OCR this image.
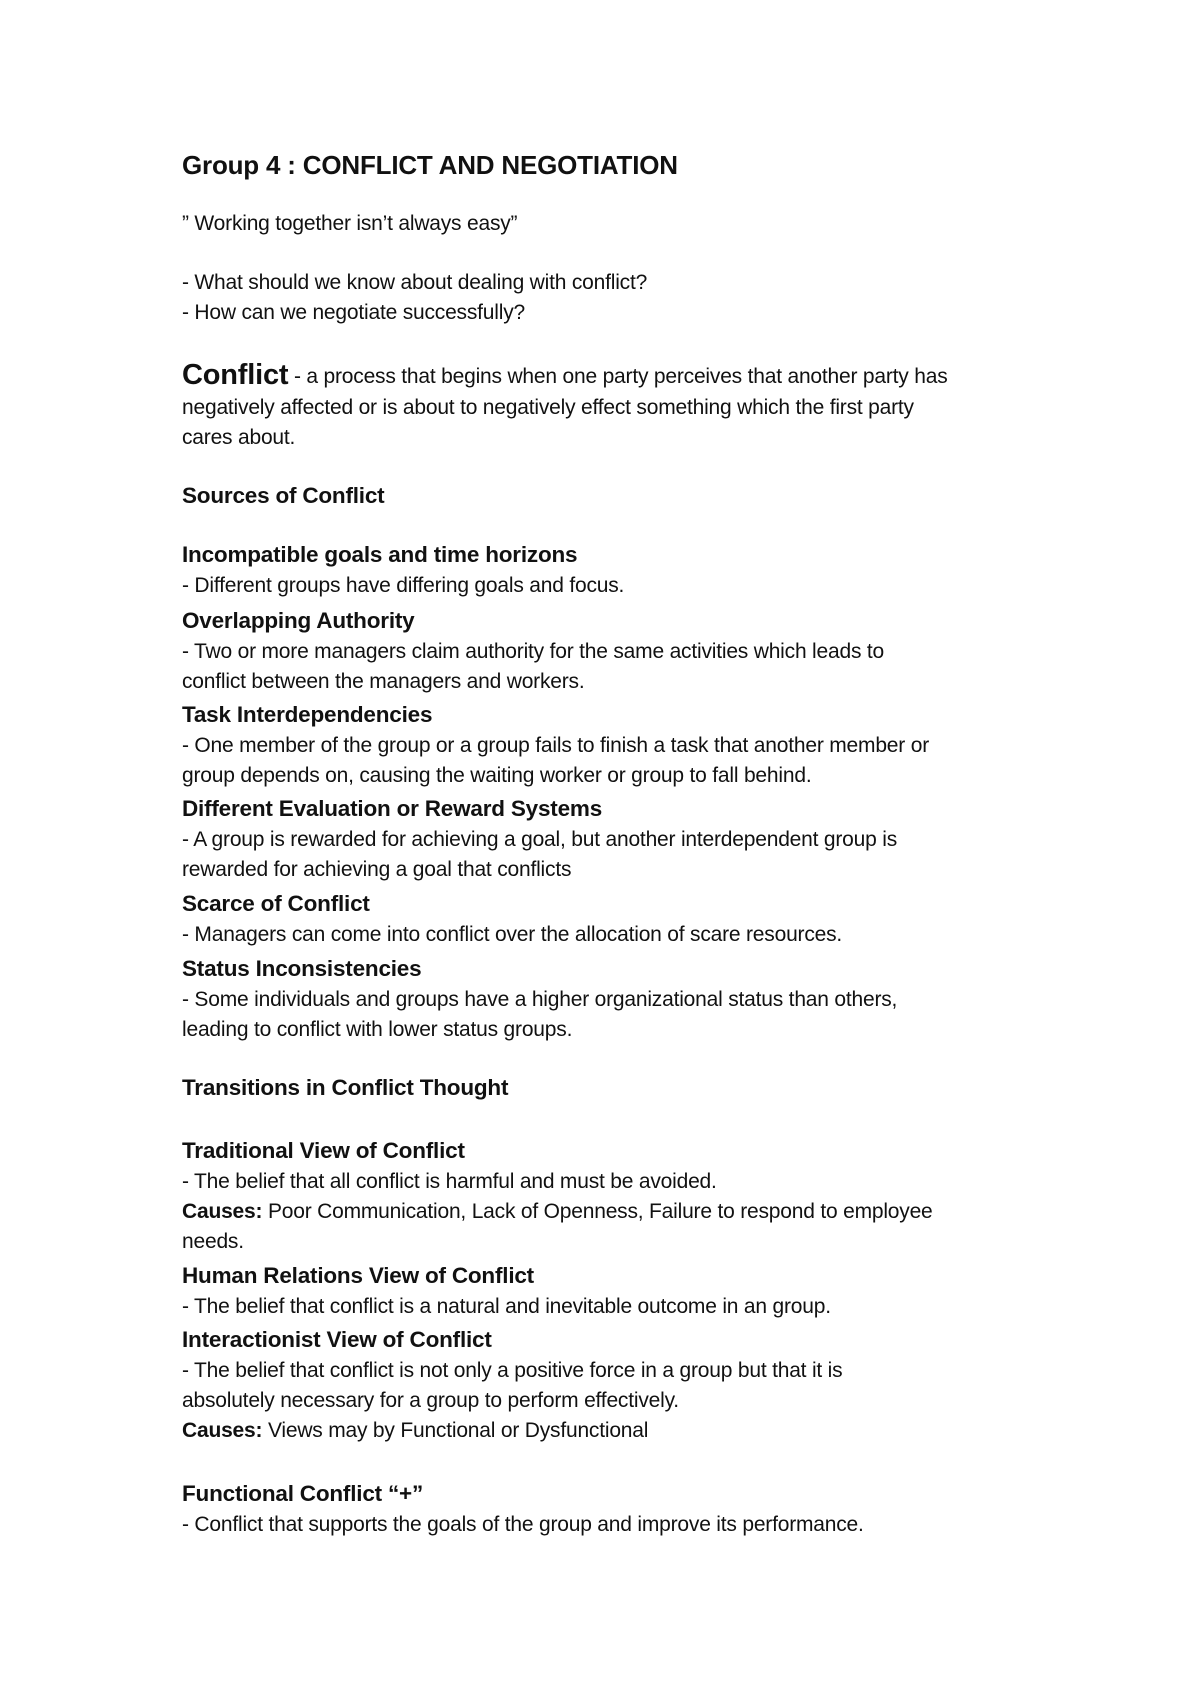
Group 4 : CONFLICT AND NEGOTIATION
” Working together isn’t always easy”
- What should we know about dealing with conflict?
- How can we negotiate successfully?
Conflict - a process that begins when one party perceives that another party has
negatively affected or is about to negatively effect something which the first party
cares about.
Sources of Conflict
Incompatible goals and time horizons
- Different groups have differing goals and focus.
Overlapping Authority
- Two or more managers claim authority for the same activities which leads to
conflict between the managers and workers.
Task Interdependencies
- One member of the group or a group fails to finish a task that another member or
group depends on, causing the waiting worker or group to fall behind.
Different Evaluation or Reward Systems
- A group is rewarded for achieving a goal, but another interdependent group is
rewarded for achieving a goal that conflicts
Scarce of Conflict
- Managers can come into conflict over the allocation of scare resources.
Status Inconsistencies
- Some individuals and groups have a higher organizational status than others,
leading to conflict with lower status groups.
Transitions in Conflict Thought
Traditional View of Conflict
- The belief that all conflict is harmful and must be avoided.
Causes: Poor Communication, Lack of Openness, Failure to respond to employee
needs.
Human Relations View of Conflict
- The belief that conflict is a natural and inevitable outcome in an group.
Interactionist View of Conflict
- The belief that conflict is not only a positive force in a group but that it is
absolutely necessary for a group to perform effectively.
Causes: Views may by Functional or Dysfunctional
Functional Conflict “+”
- Conflict that supports the goals of the group and improve its performance.
